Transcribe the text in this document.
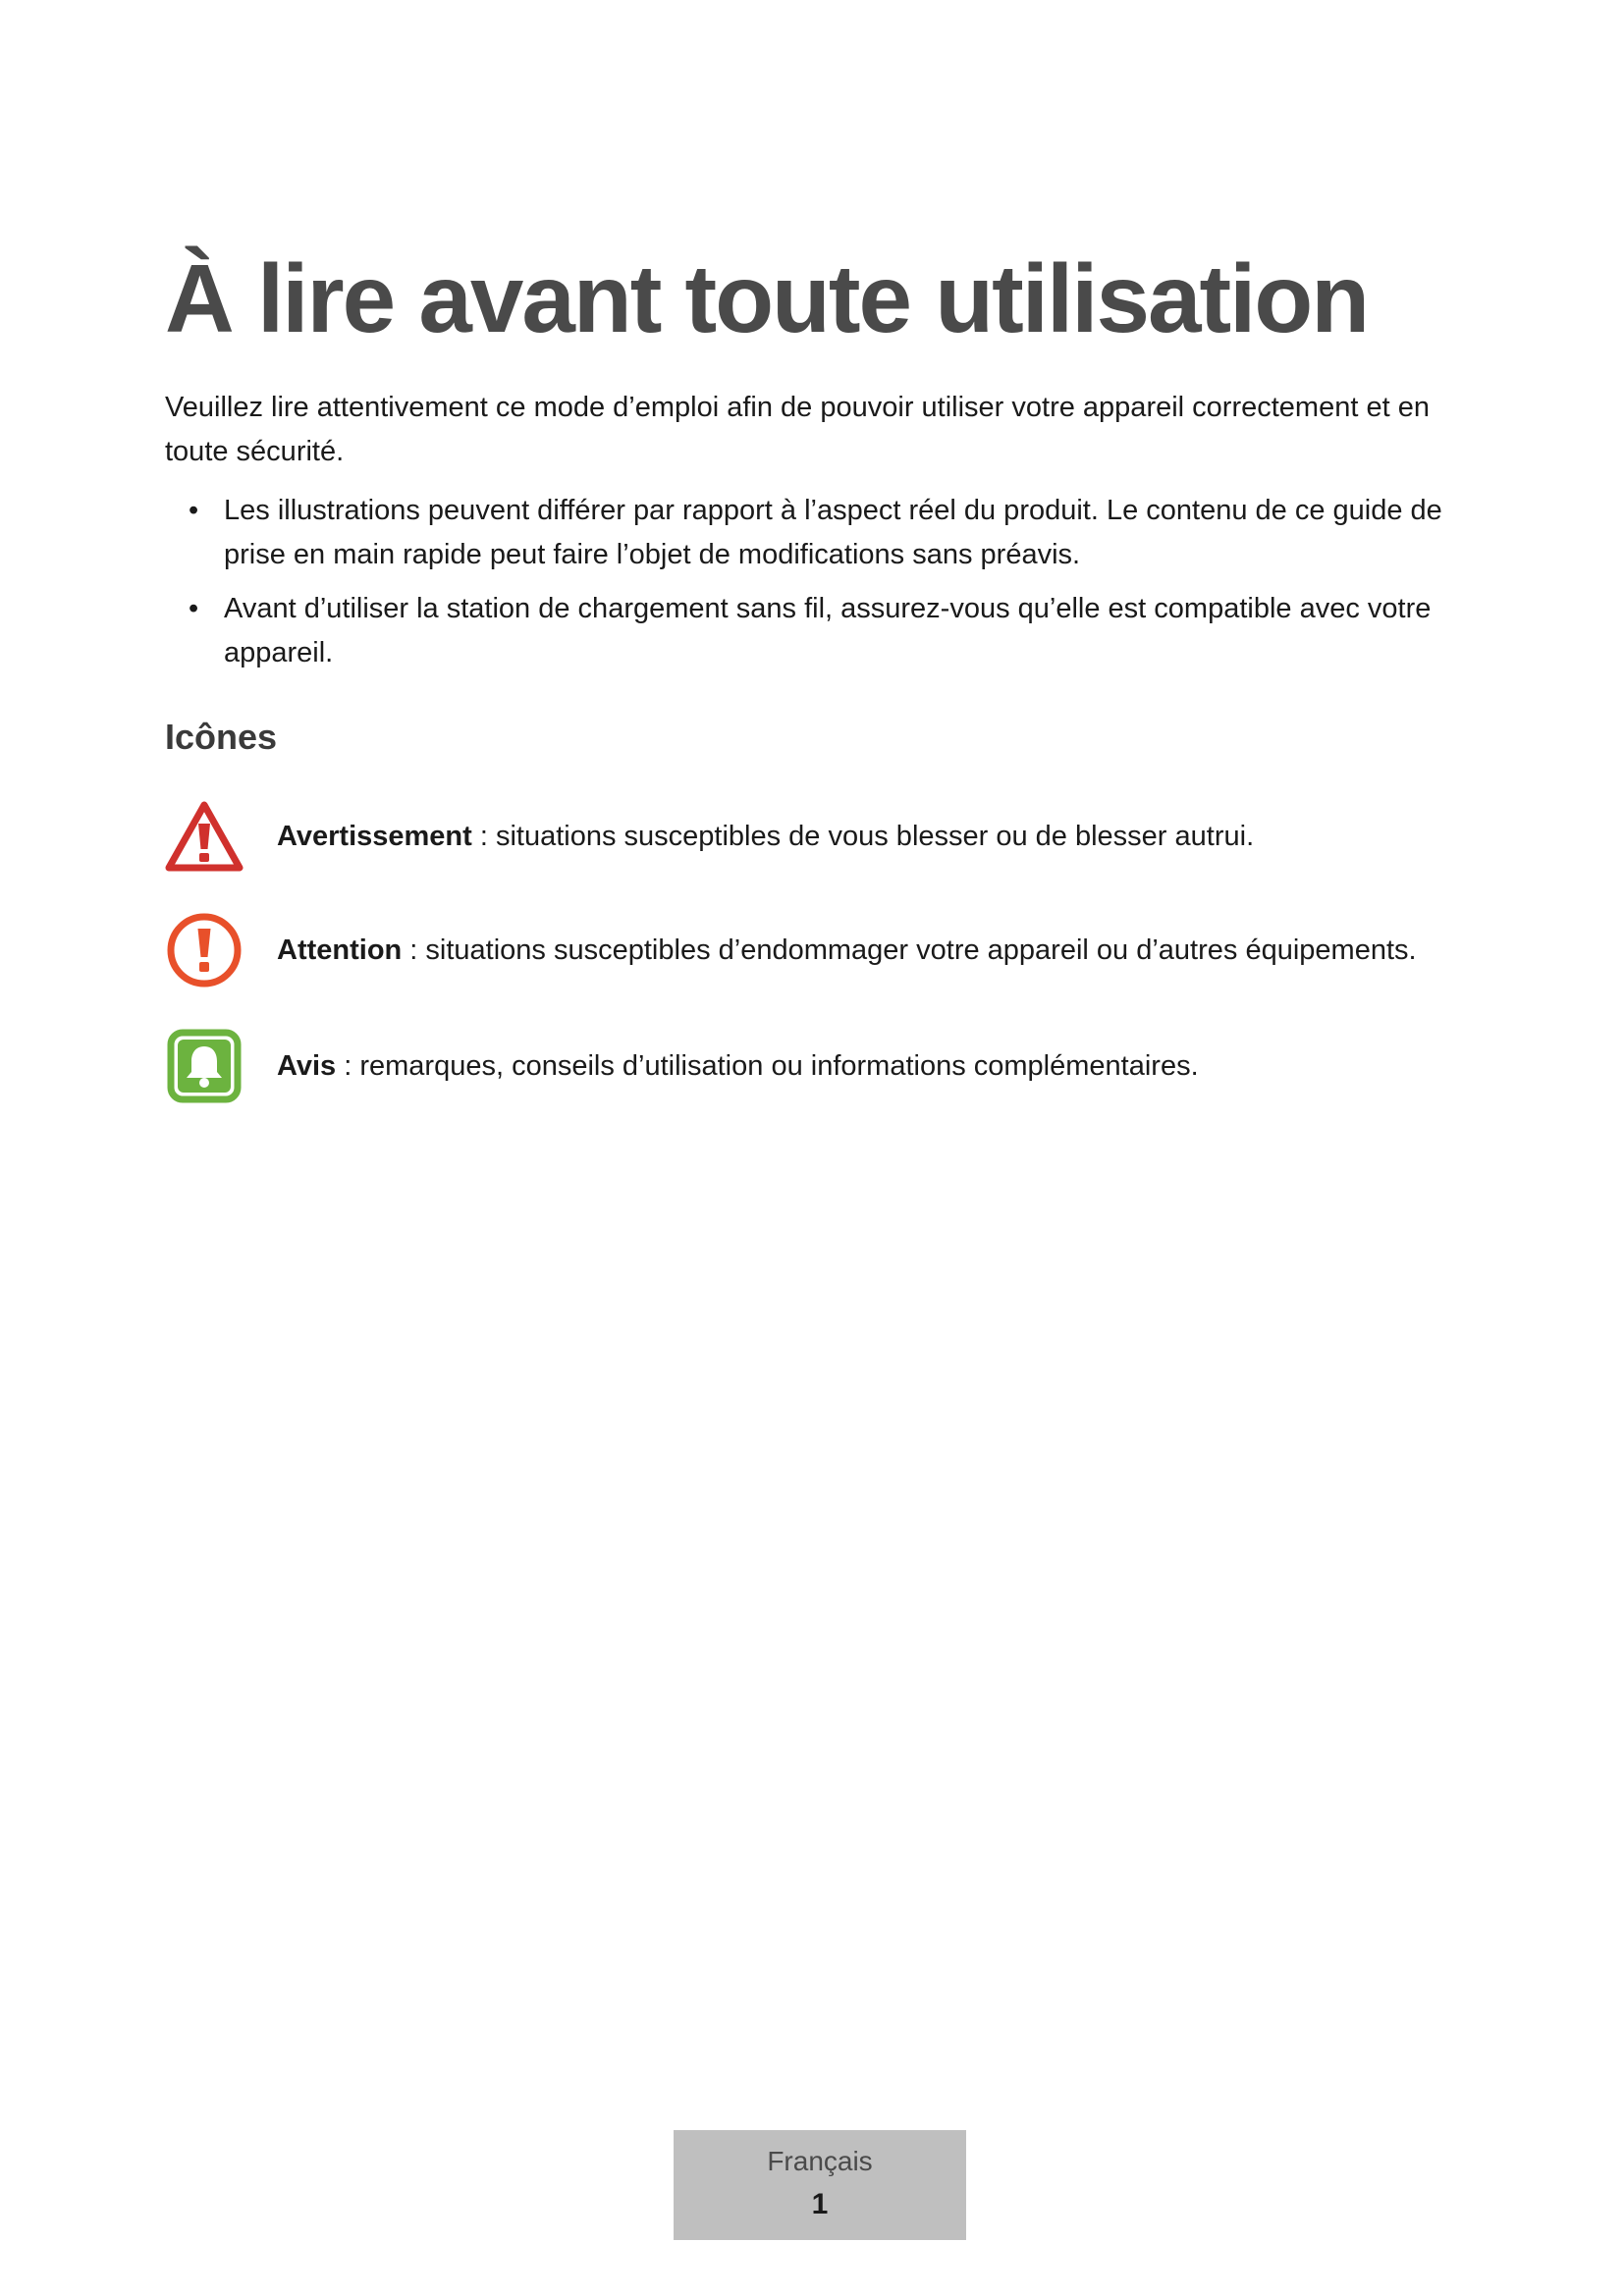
À lire avant toute utilisation

Veuillez lire attentivement ce mode d’emploi afin de pouvoir utiliser votre appareil correctement et en toute sécurité.

• Les illustrations peuvent différer par rapport à l’aspect réel du produit. Le contenu de ce guide de prise en main rapide peut faire l’objet de modifications sans préavis.
• Avant d’utiliser la station de chargement sans fil, assurez-vous qu’elle est compatible avec votre appareil.
Icônes
Avertissement : situations susceptibles de vous blesser ou de blesser autrui.
Attention : situations susceptibles d’endommager votre appareil ou d’autres équipements.
Avis : remarques, conseils d’utilisation ou informations complémentaires.
Français
1
